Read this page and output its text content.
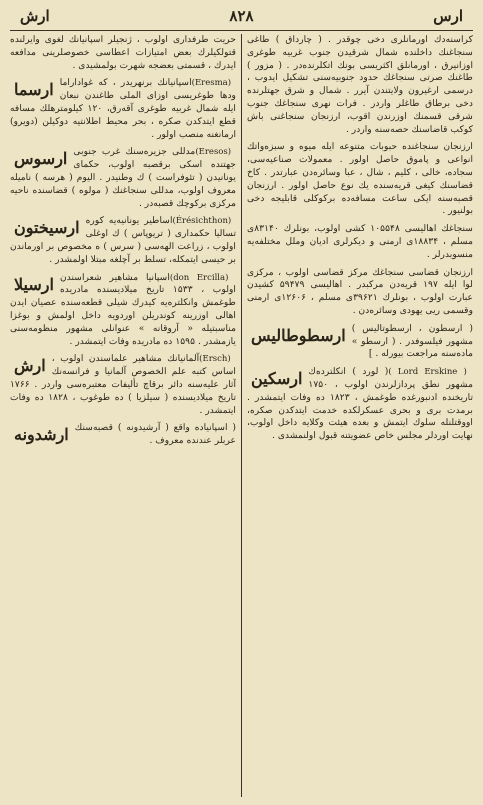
ارش	۸۲۸	ارس

كراسنه‌دك اورمانلرى دخى چوقدر . ( چارداق ) طاغى سنجاغنك داخلنده شمال شرقيدن جنوب غربيه طوغرى اوزانيرق ، اورمانلق اكثريسى بونك اتكلرنده‌در . ( مزور ) طاغنك صرتى سنجاغك حدود جنوبيه‌سنى تشكيل ايدوب ، درسمى ارغيرون ولايتندن آيرر . شمال و شرق جهتلرنده دخى برطاق طاغلر واردر . فرات نهرى سنجاغك جنوب شرقى قسمنك اوزرندن اقوب، ارزنجان سنجاغنى باش كوكب قاضاسنك حصه‌سنه واردر .

ارزنجان سنجاغنده حبوبات متنوعه ايله ميوه و سبزه‌واتك انواعى و پاموق حاصل اولور . معمولات صناعيه‌سى، سجاده، خالى ، كليم ، شال ، عبا وسائره‌دن عبارتدر . كاخ قضاسنك كيغى قريه‌سنده يك نوع حاصل اولور . ارزنجان قصبه‌سنه ايكى ساعت مسافه‌ده بركوكلى قابليجه دخى بولنيور .

سنجاغك اهاليسى ۱۰۵۵۴۸ كشى اولوب، بونلرك ۸۳۱۴۰ى مسلم ، ۱۸۸۳۴ى ارمنى و ديكرلرى اديان وملل مختلفه‌يه منسوبدرلر .

ارزنجان قضاسى سنجاغك مركز قضاسى اولوب ، مركزى لوا ايله ۱۹۷ قريه‌دن مركبدر . اهاليسى ۵۹۴۷۹ كشيدن عبارت اولوب ، بونلرك ۳۹۶۲۱ى مسلم ، ۱۲۶۰۶ى ارمنى وقسمى ريى يهودى وسائره‌دن .

ارسطوطاليس ( ارسطون ، ارسطوتاليس ) مشهور فيلسوفدر . ( ارسطو » ماده‌سنه مراجعت بيورله . ]

ارسكين	( Lord Erskine ) ( لورد ) انكلترده‌ك مشهور نطق پردازلرندن اولوب ، ۱۷۵۰ تاريخنده ادنبورغده طوغمش ، ۱۸۲۳ ده وفات ايتمشدر . برمدت برى و بحرى عسكرلكده خدمت ايتدكدن صكره، اووقتلنله سلوك ايتمش و بعده هيئت وكلايه داخل اولوب، نهايت اوردلر مجلس خاص عضويتنه قبول اولنمشدى .

حريت طرفدارى اولوب ، ژنجيلر اسپانيانك لغوى وايرلنده قتولكيلرك بعض امتيازات اعطاسى خصوصلرينى مدافعه ايدرك ، قسمتى بعضجه شهرت بولمشيدى .

ارسما	(Eresma) اسپانيانك برنهريدر ، كه غواداراما ودها طوغريسى اوزاى الملى طاغندن نبعان ايله شمال غربيه طوغرى آقه‌رق، ۱۲۰ كيلومترهلك مسافه قطع ايتدكدن صكره ، بحر محيط اطلانتيه دوكيلن (دويرو) ارمانغنه منصب اولور .

ارسوس	(Eresos) مدللى جزيره‌سنك غرب جنوبى جهتنده اسكى برقصبه اولوب، حكماى يونانيدن ( تئوفراست ) ك وطنيدر . اليوم ( هرسه ) ناميله معروف اولوب، مدللى سنجاغنك ( مولوه ) قضاسنده ناحيه مركزى بركوچك قصبه‌در .

ارسيختون	(Érésichthon) اساطير يونانيه‌يه كوره تساليا حكمدارى ( تريوپاس ) ك اوغلى اولوب ، زراعت الهه‌سى ( سرس ) ه مخصوص بر اورماندن بر حيسى ايتمكله، تسلط بر آچلغه مبتلا اولمشدر .

ارسيلا	(don Ercilla) اسپانيا مشاهير شعراسندن اولوب ، ۱۵۳۳ تاريخ ميلاديسنده مادريده طوغمش وانكلتره‌يه كيدرك شيلى قطعه‌سنده عصيان ايدن اهالى اوزرينه كوندريلن اوردويه داخل اولمش و بوغزا مناسبتيله « آروقانه » عنوانلى مشهور منظومه‌سنى يازمشدر . ۱۵۹۵ ده مادريده وفات ايتمشدر .

ارش	(Ersch) آلمانيانك مشاهير علماسندن اولوب ، اساس كتبه علم الخصوص آلمانيا و فرانسه‌نك آثار عليه‌سنه دائر برقاچ تأليفات معتبره‌سى واردر . ۱۷۶۶ تاريخ ميلاديسنده ( سيلزيا ) ده طوغوب ، ۱۸۲۸ ده وفات ايتمشدر .

ارشدونه ( اسپانياده واقع ( آرشيدونه ) قصبه‌سنك عربلر عندنده معروف .
